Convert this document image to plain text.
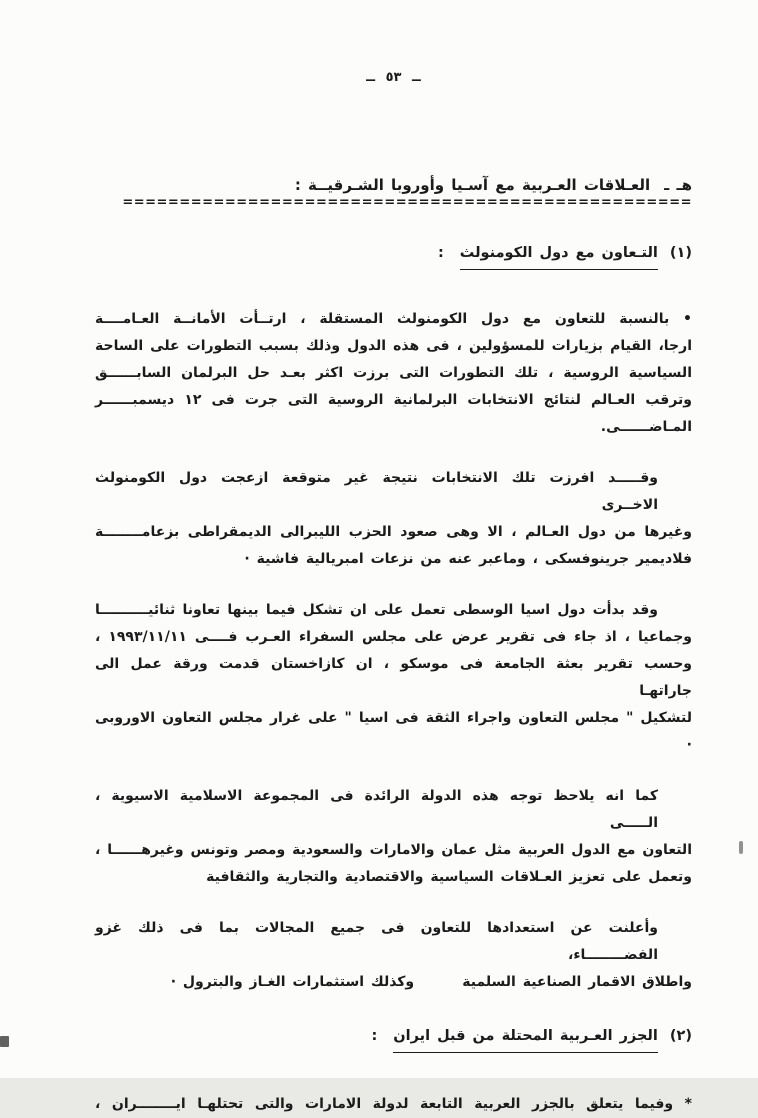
ــ ٥٣ ــ
هـ ـ
العـلاقات العـربية مع آسـيا وأوروبا الشـرقيــة :
==================================================
(١)
التـعاون مع دول الكومنولث
:
• بالنسبة للتعاون مع دول الكومنولث المستقلة ، ارتــأت الأمانــة العـامــــة
ارجا، القيام بزيارات للمسؤولين ، فى هذه الدول وذلك بسبب التطورات على الساحة
السياسية الروسية ، تلك التطورات التى برزت اكثر بعـد حل البرلمان السابــــــق
وترقب العـالم لنتائج الانتخابات البرلمانية الروسية التى جرت فى ١٢ ديسمبــــــر
المـاضــــــى.
وقـــــد افرزت تلك الانتخابات نتيجة غير متوقعة ازعجت دول الكومنولث الاخــرى
وغيرها من دول العـالم ، الا وهى صعود الحزب الليبرالى الديمقراطى بزعامــــــــة
فلاديمير جرينوفسكى ، وماعبر عنه من نزعات امبريالية فاشية ·
وقد بدأت دول اسيا الوسطى تعمل على ان تشكل فيما بينها تعاونا ثنائيــــــــــا
وجماعيا ، اذ جاء فى تقرير عرض على مجلس السفراء العـرب فــــى ١٩٩٣/١١/١١ ،
وحسب تقرير بعثة الجامعة فى موسكو ، ان كازاخستان قدمت ورقة عمل الى جاراتهـا
لتشكيل " مجلس التعاون واجراء الثقة فى اسيا " على غرار مجلس التعاون الاوروبى ·
كما انه يلاحظ توجه هذه الدولة الرائدة فى المجموعة الاسلامية الاسيوية ، الـــــى
التعاون مع الدول العربية مثل عمان والامارات والسعودية ومصر وتونس وغيرهــــــا ،
وتعمل على تعزيز العـلاقات السياسية والاقتصادية والتجارية والثقافية
وأعلنت عن استعدادها للتعاون فى جميع المجالات بما فى ذلك غزو الفضــــــــاء،
واطلاق الاقمار الصناعية السلمية       وكذلك استثمارات الغـاز والبترول ·
(٢)
الجزر العـربية المحتلة من قبل ايران
:
* وفيما يتعلق بالجزر العربية التابعة لدولة الامارات والتى تحتلهـا ايــــــــران ،
